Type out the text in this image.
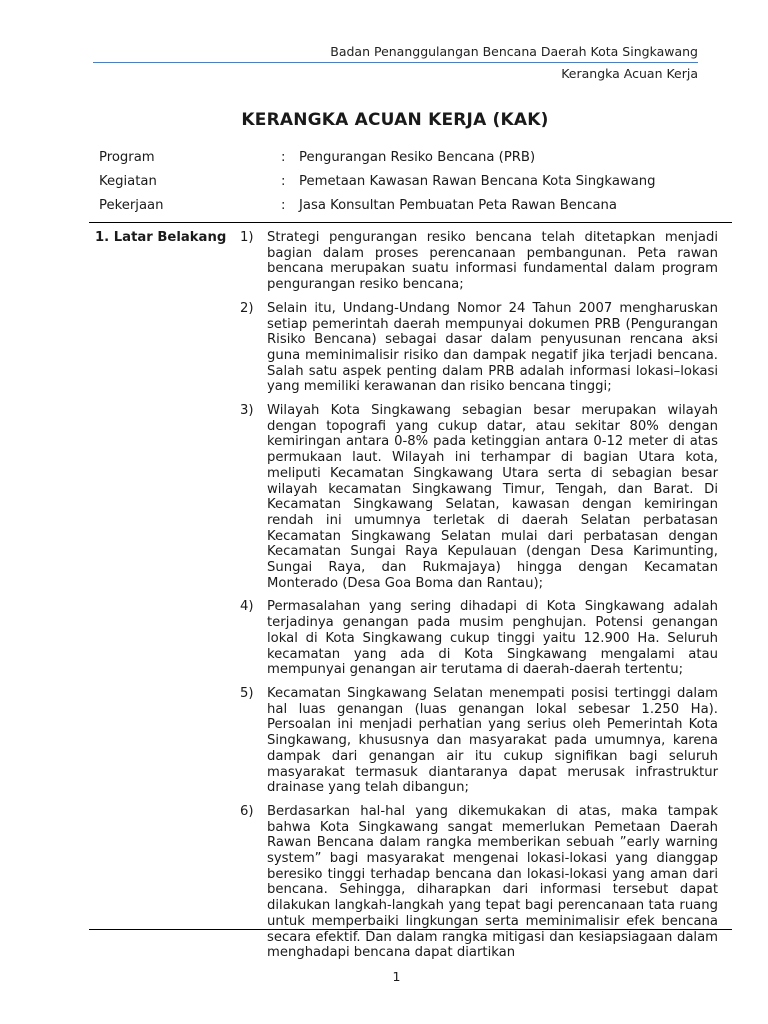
Badan Penanggulangan Bencana Daerah Kota Singkawang
Kerangka Acuan Kerja
KERANGKA ACUAN KERJA (KAK)
Program	: Pengurangan Resiko Bencana (PRB)
Kegiatan	: Pemetaan Kawasan Rawan Bencana Kota Singkawang
Pekerjaan	: Jasa Konsultan Pembuatan Peta Rawan Bencana
1. Latar Belakang 1) Strategi pengurangan resiko bencana telah ditetapkan menjadi bagian dalam proses perencanaan pembangunan. Peta rawan bencana merupakan suatu informasi fundamental dalam program pengurangan resiko bencana;
2) Selain itu, Undang-Undang Nomor 24 Tahun 2007 mengharuskan setiap pemerintah daerah mempunyai dokumen PRB (Pengurangan Risiko Bencana) sebagai dasar dalam penyusunan rencana aksi guna meminimalisir risiko dan dampak negatif jika terjadi bencana. Salah satu aspek penting dalam PRB adalah informasi lokasi–lokasi yang memiliki kerawanan dan risiko bencana tinggi;
3) Wilayah Kota Singkawang sebagian besar merupakan wilayah dengan topografi yang cukup datar, atau sekitar 80% dengan kemiringan antara 0-8% pada ketinggian antara 0-12 meter di atas permukaan laut. Wilayah ini terhampar di bagian Utara kota, meliputi Kecamatan Singkawang Utara serta di sebagian besar wilayah kecamatan Singkawang Timur, Tengah, dan Barat. Di Kecamatan Singkawang Selatan, kawasan dengan kemiringan rendah ini umumnya terletak di daerah Selatan perbatasan Kecamatan Singkawang Selatan mulai dari perbatasan dengan Kecamatan Sungai Raya Kepulauan (dengan Desa Karimunting, Sungai Raya, dan Rukmajaya) hingga dengan Kecamatan Monterado (Desa Goa Boma dan Rantau);
4) Permasalahan yang sering dihadapi di Kota Singkawang adalah terjadinya genangan pada musim penghujan. Potensi genangan lokal di Kota Singkawang cukup tinggi yaitu 12.900 Ha. Seluruh kecamatan yang ada di Kota Singkawang mengalami atau mempunyai genangan air terutama di daerah-daerah tertentu;
5) Kecamatan Singkawang Selatan menempati posisi tertinggi dalam hal luas genangan (luas genangan lokal sebesar 1.250 Ha). Persoalan ini menjadi perhatian yang serius oleh Pemerintah Kota Singkawang, khususnya dan masyarakat pada umumnya, karena dampak dari genangan air itu cukup signifikan bagi seluruh masyarakat termasuk diantaranya dapat merusak infrastruktur drainase yang telah dibangun;
6) Berdasarkan hal-hal yang dikemukakan di atas, maka tampak bahwa Kota Singkawang sangat memerlukan Pemetaan Daerah Rawan Bencana dalam rangka memberikan sebuah ”early warning system” bagi masyarakat mengenai lokasi-lokasi yang dianggap beresiko tinggi terhadap bencana dan lokasi-lokasi yang aman dari bencana. Sehingga, diharapkan dari informasi tersebut dapat dilakukan langkah-langkah yang tepat bagi perencanaan tata ruang untuk memperbaiki lingkungan serta meminimalisir efek bencana secara efektif. Dan dalam rangka mitigasi dan kesiapsiagaan dalam menghadapi bencana dapat diartikan
1
